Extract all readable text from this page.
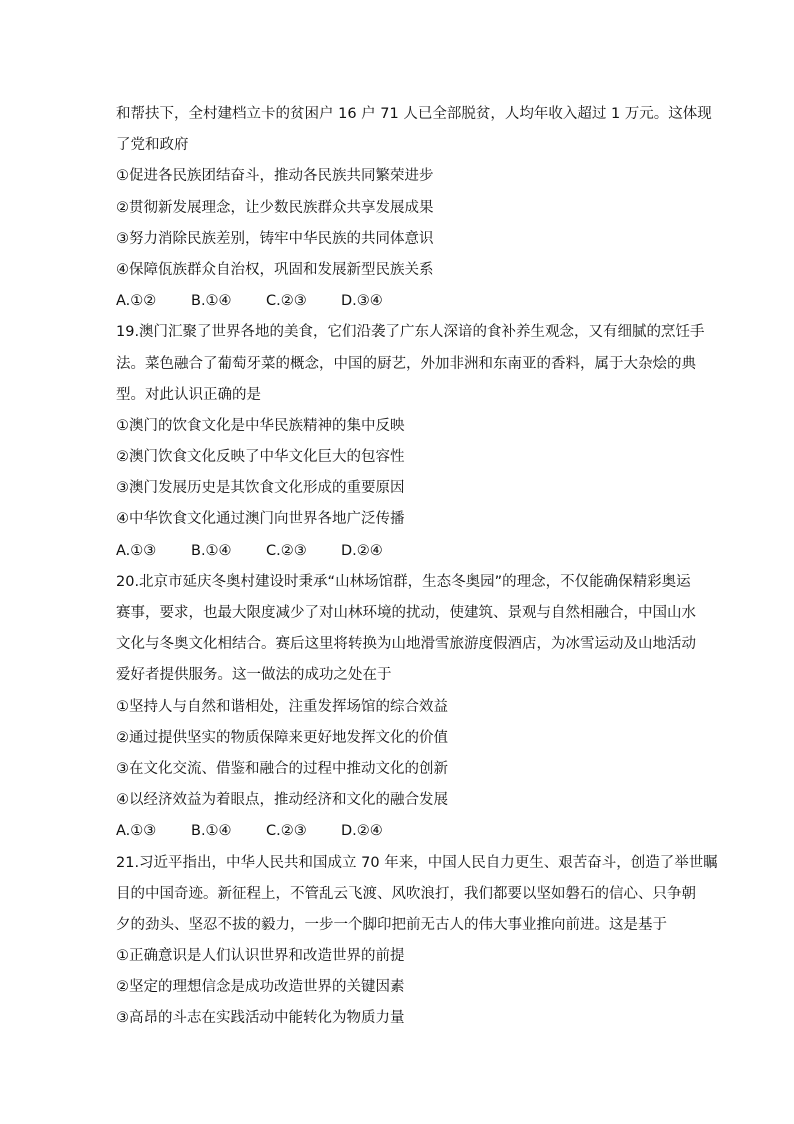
和帮扶下，全村建档立卡的贫困户 16 户 71 人已全部脱贫，人均年收入超过 1 万元。这体现
了党和政府
①促进各民族团结奋斗，推动各民族共同繁荣进步
②贯彻新发展理念，让少数民族群众共享发展成果
③努力消除民族差别，铸牢中华民族的共同体意识
④保障佤族群众自治权，巩固和发展新型民族关系
A.①②	B.①④	C.②③	D.③④
19.澳门汇聚了世界各地的美食，它们沿袭了广东人深谙的食补养生观念，又有细腻的烹饪手
法。菜色融合了葡萄牙菜的概念，中国的厨艺，外加非洲和东南亚的香料，属于大杂烩的典
型。对此认识正确的是
①澳门的饮食文化是中华民族精神的集中反映
②澳门饮食文化反映了中华文化巨大的包容性
③澳门发展历史是其饮食文化形成的重要原因
④中华饮食文化通过澳门向世界各地广泛传播
A.①③	B.①④	C.②③	D.②④
20.北京市延庆冬奥村建设时秉承“山林场馆群，生态冬奥园”的理念，不仅能确保精彩奥运
赛事，要求，也最大限度减少了对山林环境的扰动，使建筑、景观与自然相融合，中国山水
文化与冬奥文化相结合。赛后这里将转换为山地滑雪旅游度假酒店，为冰雪运动及山地活动
爱好者提供服务。这一做法的成功之处在于
①坚持人与自然和谐相处，注重发挥场馆的综合效益
②通过提供坚实的物质保障来更好地发挥文化的价值
③在文化交流、借鉴和融合的过程中推动文化的创新
④以经济效益为着眼点，推动经济和文化的融合发展
A.①③	B.①④	C.②③	D.②④
21.习近平指出，中华人民共和国成立 70 年来，中国人民自力更生、艰苦奋斗，创造了举世瞩
目的中国奇迹。新征程上，不管乱云飞渡、风吹浪打，我们都要以坚如磐石的信心、只争朝
夕的劲头、坚忍不拔的毅力，一步一个脚印把前无古人的伟大事业推向前进。这是基于
①正确意识是人们认识世界和改造世界的前提
②坚定的理想信念是成功改造世界的关键因素
③高昂的斗志在实践活动中能转化为物质力量
